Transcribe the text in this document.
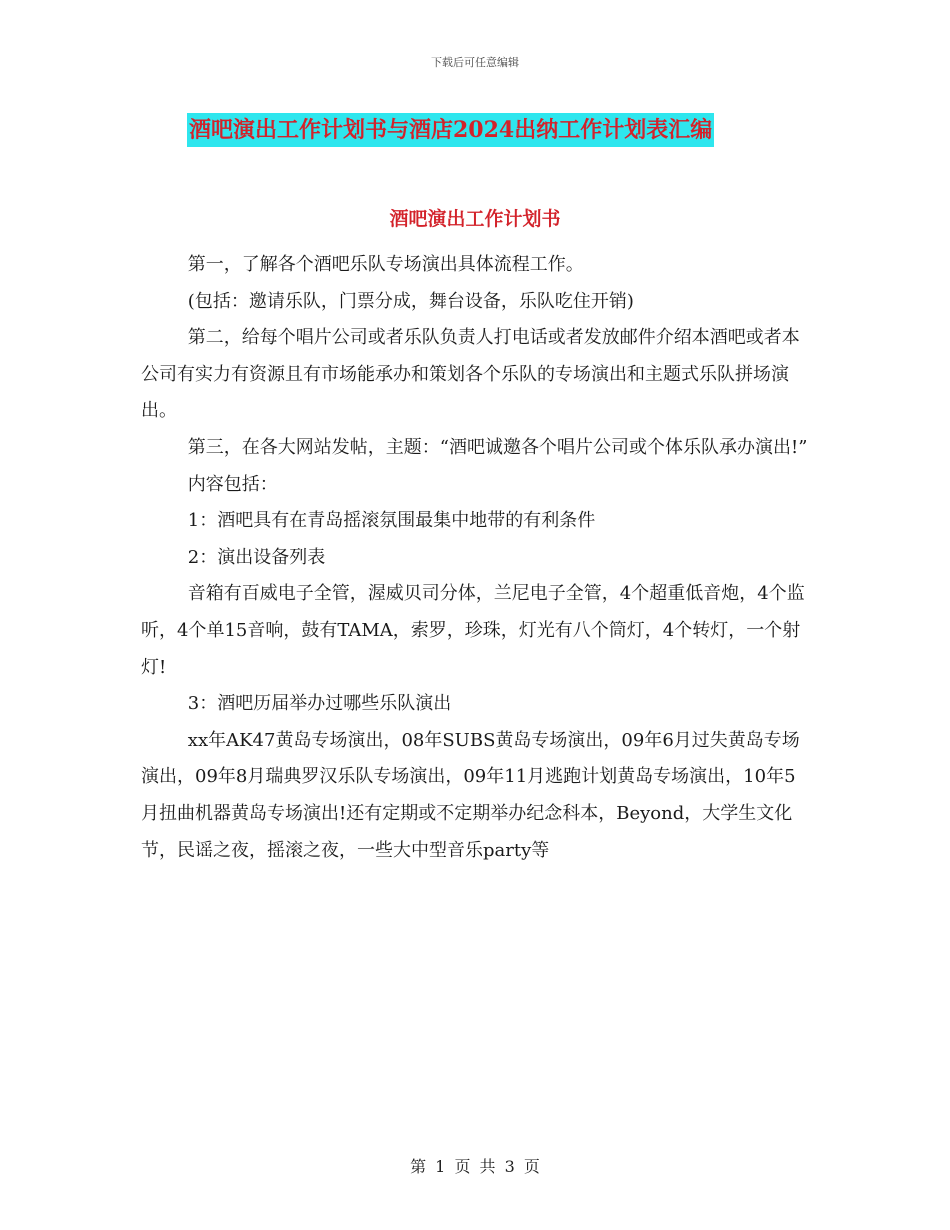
下载后可任意编辑
酒吧演出工作计划书与酒店2024出纳工作计划表汇编
酒吧演出工作计划书

第一，了解各个酒吧乐队专场演出具体流程工作。

(包括：邀请乐队，门票分成，舞台设备，乐队吃住开销)

第二，给每个唱片公司或者乐队负责人打电话或者发放邮件介绍本酒吧或者本公司有实力有资源且有市场能承办和策划各个乐队的专场演出和主题式乐队拼场演出。

第三，在各大网站发帖，主题：“酒吧诚邀各个唱片公司或个体乐队承办演出!”

内容包括：

1：酒吧具有在青岛摇滚氛围最集中地带的有利条件

2：演出设备列表

音箱有百威电子全管，渥威贝司分体，兰尼电子全管，4个超重低音炮，4个监听，4个单15音响，鼓有TAMA，索罗，珍珠，灯光有八个筒灯，4个转灯，一个射灯!

3：酒吧历届举办过哪些乐队演出

xx年AK47黄岛专场演出，08年SUBS黄岛专场演出，09年6月过失黄岛专场演出，09年8月瑞典罗汉乐队专场演出，09年11月逃跑计划黄岛专场演出，10年5月扭曲机器黄岛专场演出!还有定期或不定期举办纪念科本，Beyond，大学生文化节，民谣之夜，摇滚之夜，一些大中型音乐party等

第 1 页 共 3 页
